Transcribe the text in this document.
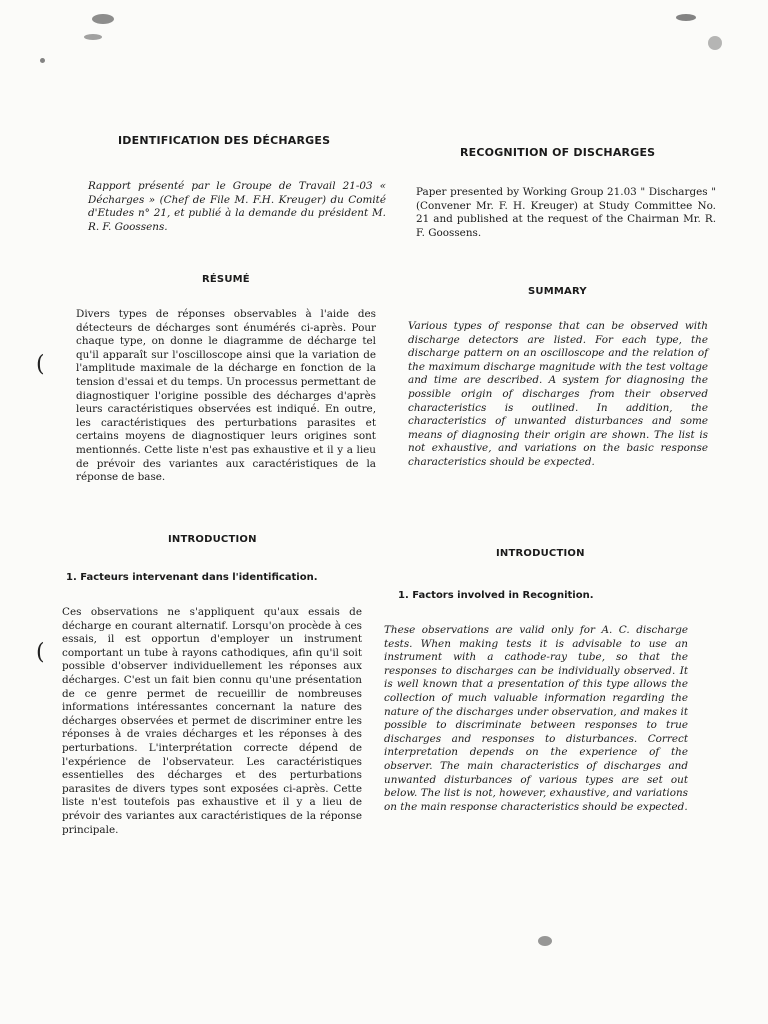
(
(
IDENTIFICATION DES DÉCHARGES
Rapport présenté par le Groupe de Travail 21-03 « Décharges » (Chef de File M. F.H. Kreuger) du Comité d'Etudes n° 21, et publié à la demande du président M. R. F. Goossens.
RÉSUMÉ
Divers types de réponses observables à l'aide des détecteurs de décharges sont énumérés ci-après. Pour chaque type, on donne le diagramme de décharge tel qu'il apparaît sur l'oscilloscope ainsi que la variation de l'amplitude maximale de la décharge en fonction de la tension d'essai et du temps. Un processus permettant de diagnostiquer l'origine possible des décharges d'après leurs caractéristiques observées est indiqué. En outre, les caractéristiques des perturbations parasites et certains moyens de diagnostiquer leurs origines sont mentionnés. Cette liste n'est pas exhaustive et il y a lieu de prévoir des variantes aux caractéristiques de la réponse de base.
INTRODUCTION
1. Facteurs intervenant dans l'identification.
Ces observations ne s'appliquent qu'aux essais de décharge en courant alternatif. Lorsqu'on procède à ces essais, il est opportun d'employer un instrument comportant un tube à rayons cathodiques, afin qu'il soit possible d'observer individuellement les réponses aux décharges. C'est un fait bien connu qu'une présentation de ce genre permet de recueillir de nombreuses informations intéressantes concernant la nature des décharges observées et permet de discriminer entre les réponses à de vraies décharges et les réponses à des perturbations. L'interprétation correcte dépend de l'expérience de l'observateur. Les caractéristiques essentielles des décharges et des perturbations parasites de divers types sont exposées ci-après. Cette liste n'est toutefois pas exhaustive et il y a lieu de prévoir des variantes aux caractéristiques de la réponse principale.
RECOGNITION OF DISCHARGES
Paper presented by Working Group 21.03 " Discharges " (Convener Mr. F. H. Kreuger) at Study Committee No. 21 and published at the request of the Chairman Mr. R. F. Goossens.
SUMMARY
Various types of response that can be observed with discharge detectors are listed. For each type, the discharge pattern on an oscilloscope and the relation of the maximum discharge magnitude with the test voltage and time are described. A system for diagnosing the possible origin of discharges from their observed characteristics is outlined. In addition, the characteristics of unwanted disturbances and some means of diagnosing their origin are shown. The list is not exhaustive, and variations on the basic response characteristics should be expected.
INTRODUCTION
1. Factors involved in Recognition.
These observations are valid only for A. C. discharge tests. When making tests it is advisable to use an instrument with a cathode-ray tube, so that the responses to discharges can be individually observed. It is well known that a presentation of this type allows the collection of much valuable information regarding the nature of the discharges under observation, and makes it possible to discriminate between responses to true discharges and responses to disturbances. Correct interpretation depends on the experience of the observer. The main characteristics of discharges and unwanted disturbances of various types are set out below. The list is not, however, exhaustive, and variations on the main response characteristics should be expected.
